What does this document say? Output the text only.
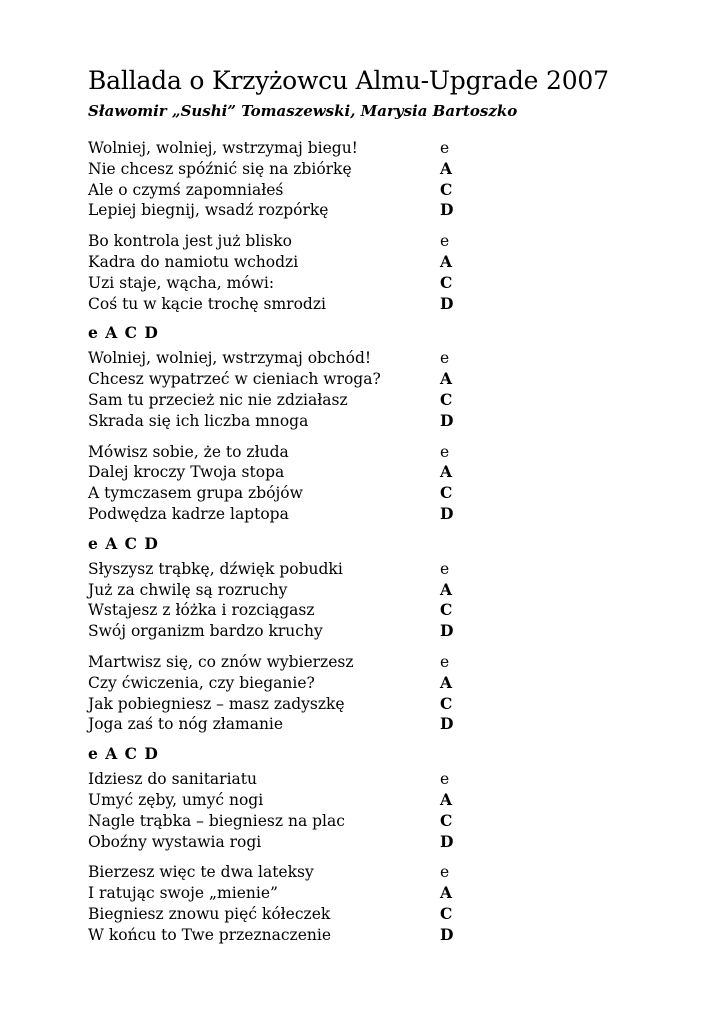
Ballada o Krzyżowcu Almu-Upgrade 2007
Sławomir „Sushi” Tomaszewski, Marysia Bartoszko
Wolniej, wolniej, wstrzymaj biegu!	e
Nie chcesz spóźnić się na zbiórkę	A
Ale o czymś zapomniałeś	C
Lepiej biegnij, wsadź rozpórkę	D
Bo kontrola jest już blisko	e
Kadra do namiotu wchodzi	A
Uzi staje, wącha, mówi:	C
Coś tu w kącie trochę smrodzi	D
e A C D
Wolniej, wolniej, wstrzymaj obchód!	e
Chcesz wypatrzeć w cieniach wroga?	A
Sam tu przecież nic nie zdziałasz	C
Skrada się ich liczba mnoga	D
Mówisz sobie, że to złuda	e
Dalej kroczy Twoja stopa	A
A tymczasem grupa zbójów	C
Podwędza kadrze laptopa	D
e A C D
Słyszysz trąbkę, dźwięk pobudki	e
Już za chwilę są rozruchy	A
Wstajesz z łóżka i rozciągasz	C
Swój organizm bardzo kruchy	D
Martwisz się, co znów wybierzesz	e
Czy ćwiczenia, czy bieganie?	A
Jak pobiegniesz – masz zadyszkę	C
Joga zaś to nóg złamanie	D
e A C D
Idziesz do sanitariatu	e
Umyć zęby, umyć nogi	A
Nagle trąbka – biegniesz na plac	C
Oboźny wystawia rogi	D
Bierzesz więc te dwa lateksy	e
I ratując swoje „mienie”	A
Biegniesz znowu pięć kółeczek	C
W końcu to Twe przeznaczenie	D
